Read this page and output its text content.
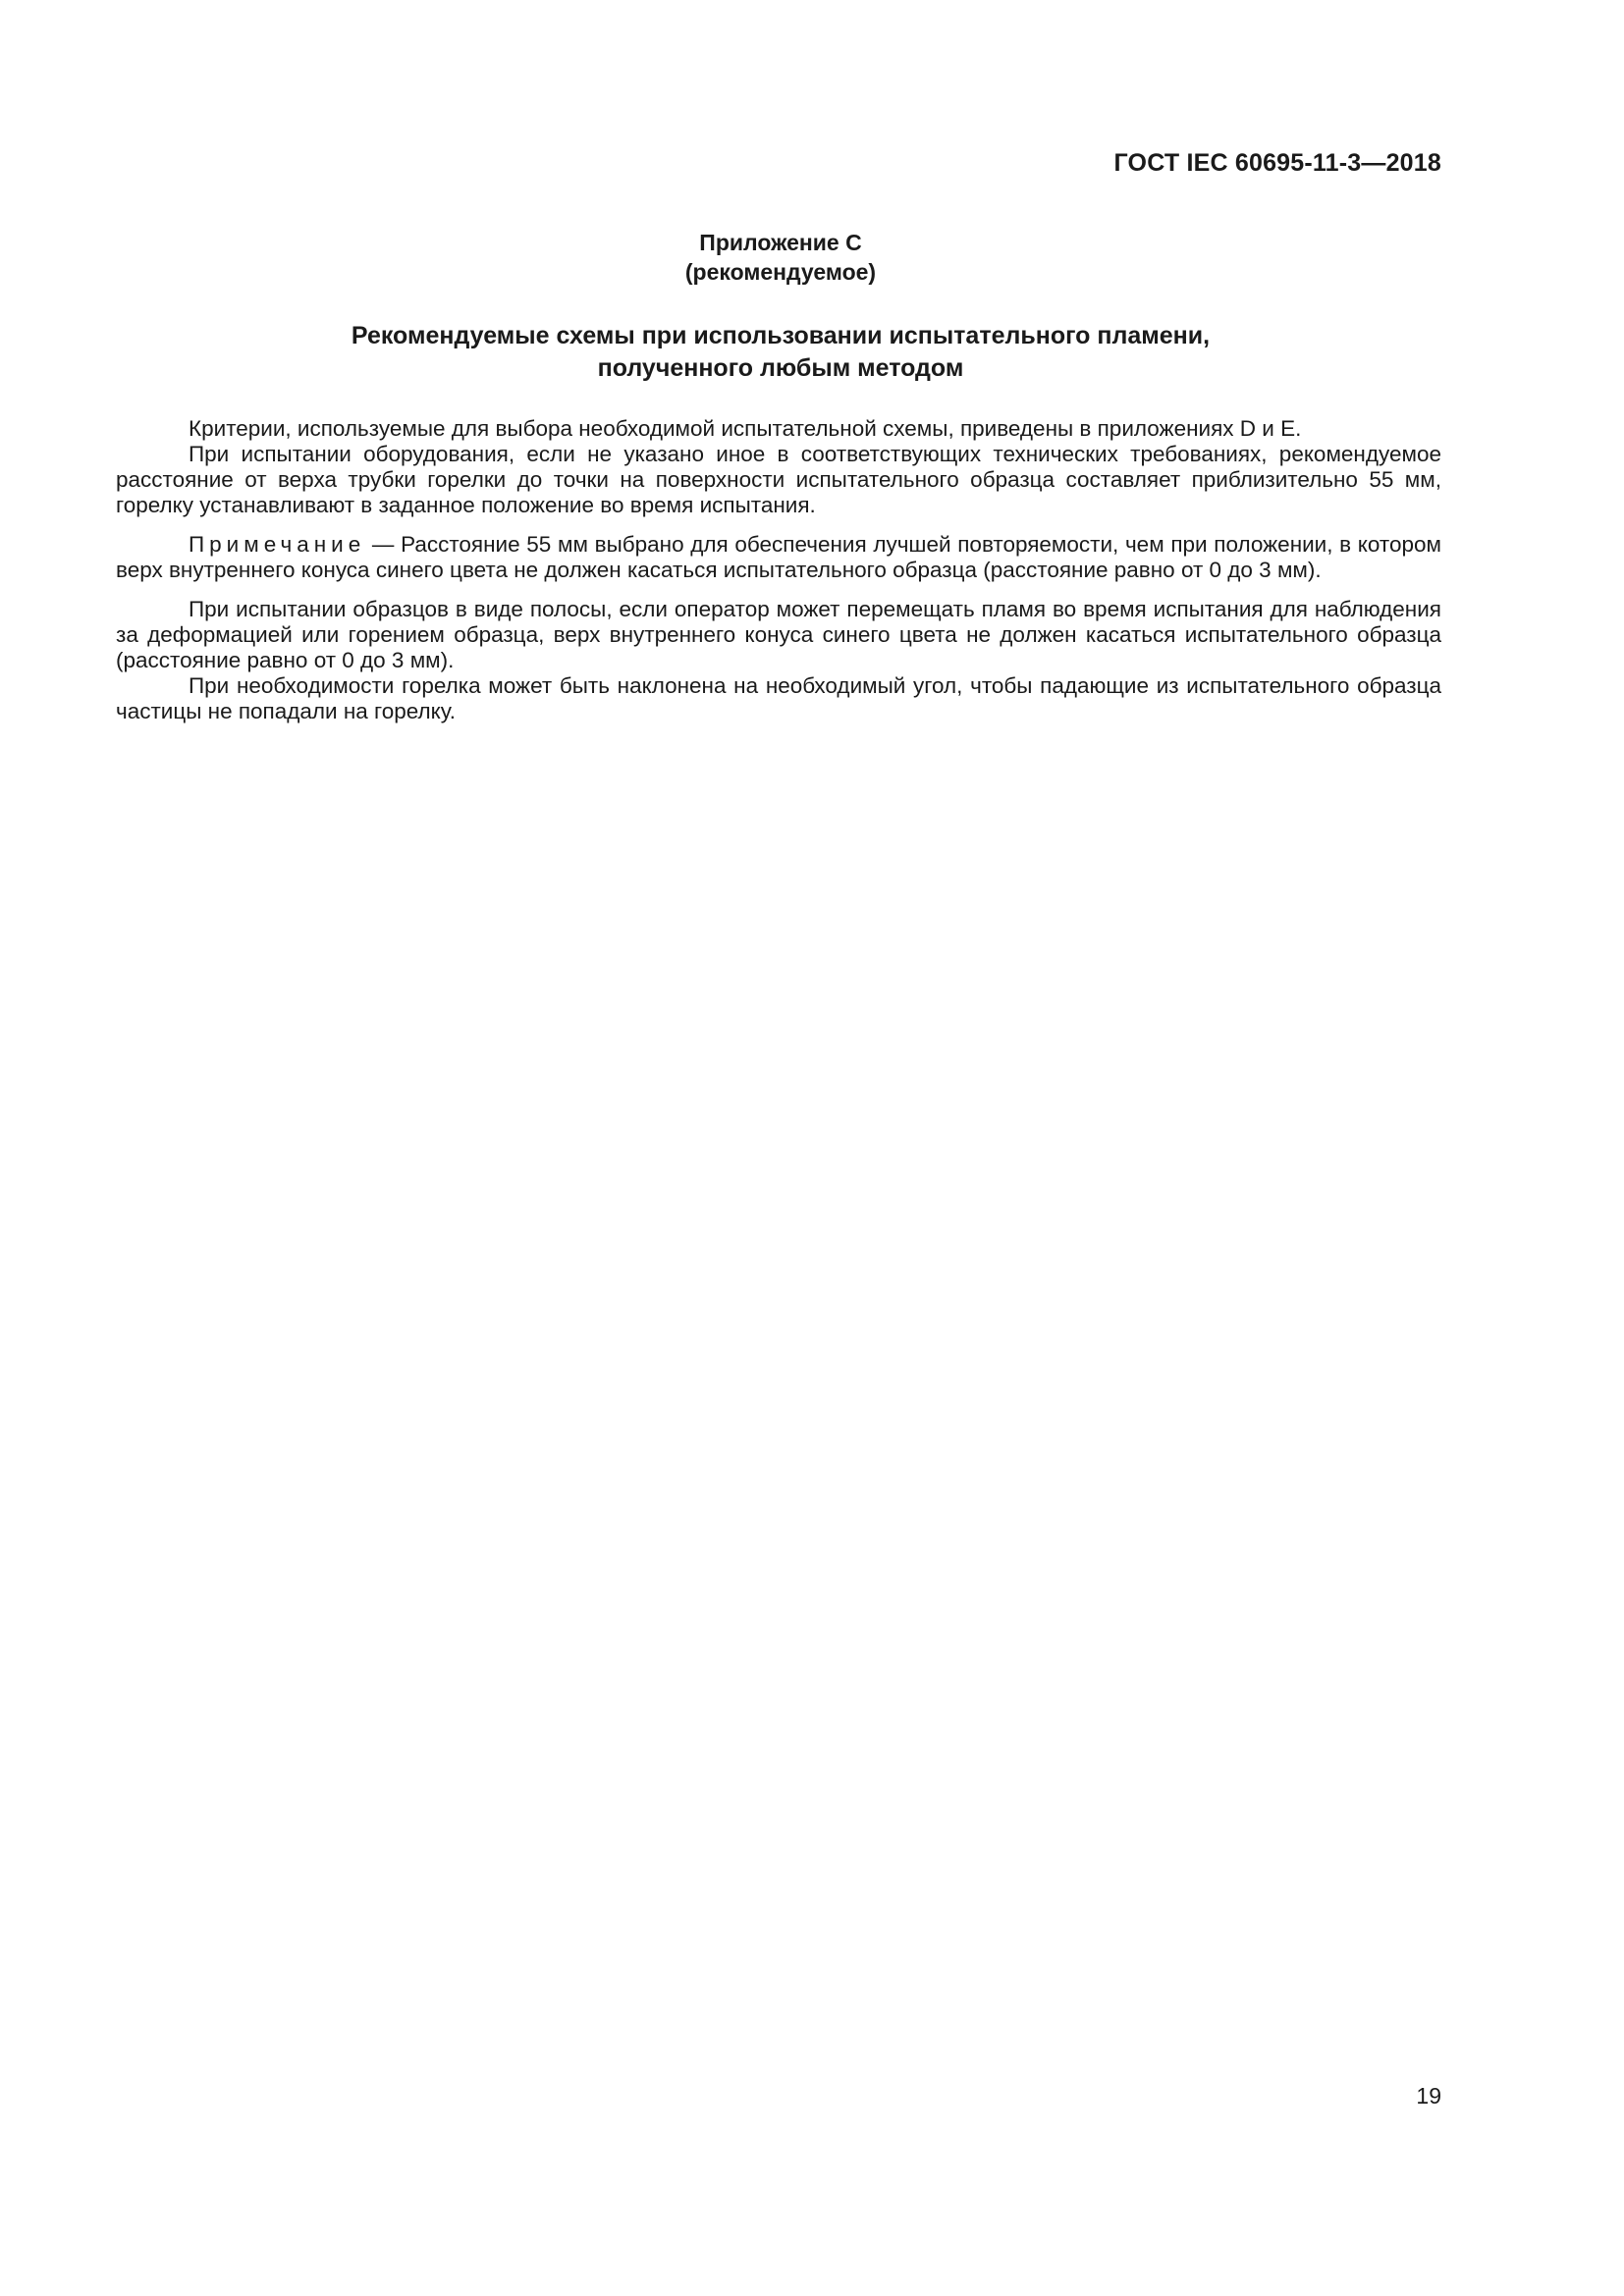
ГОСТ IEC 60695-11-3—2018
Приложение С
(рекомендуемое)
Рекомендуемые схемы при использовании испытательного пламени,
полученного любым методом

Критерии, используемые для выбора необходимой испытательной схемы, приведены в приложениях D и E.

При испытании оборудования, если не указано иное в соответствующих технических требованиях, рекомендуемое расстояние от верха трубки горелки до точки на поверхности испытательного образца составляет приблизительно 55 мм, горелку устанавливают в заданное положение во время испытания.

Примечание — Расстояние 55 мм выбрано для обеспечения лучшей повторяемости, чем при положении, в котором верх внутреннего конуса синего цвета не должен касаться испытательного образца (расстояние равно от 0 до 3 мм).

При испытании образцов в виде полосы, если оператор может перемещать пламя во время испытания для наблюдения за деформацией или горением образца, верх внутреннего конуса синего цвета не должен касаться испытательного образца (расстояние равно от 0 до 3 мм).

При необходимости горелка может быть наклонена на необходимый угол, чтобы падающие из испытательного образца частицы не попадали на горелку.

19
